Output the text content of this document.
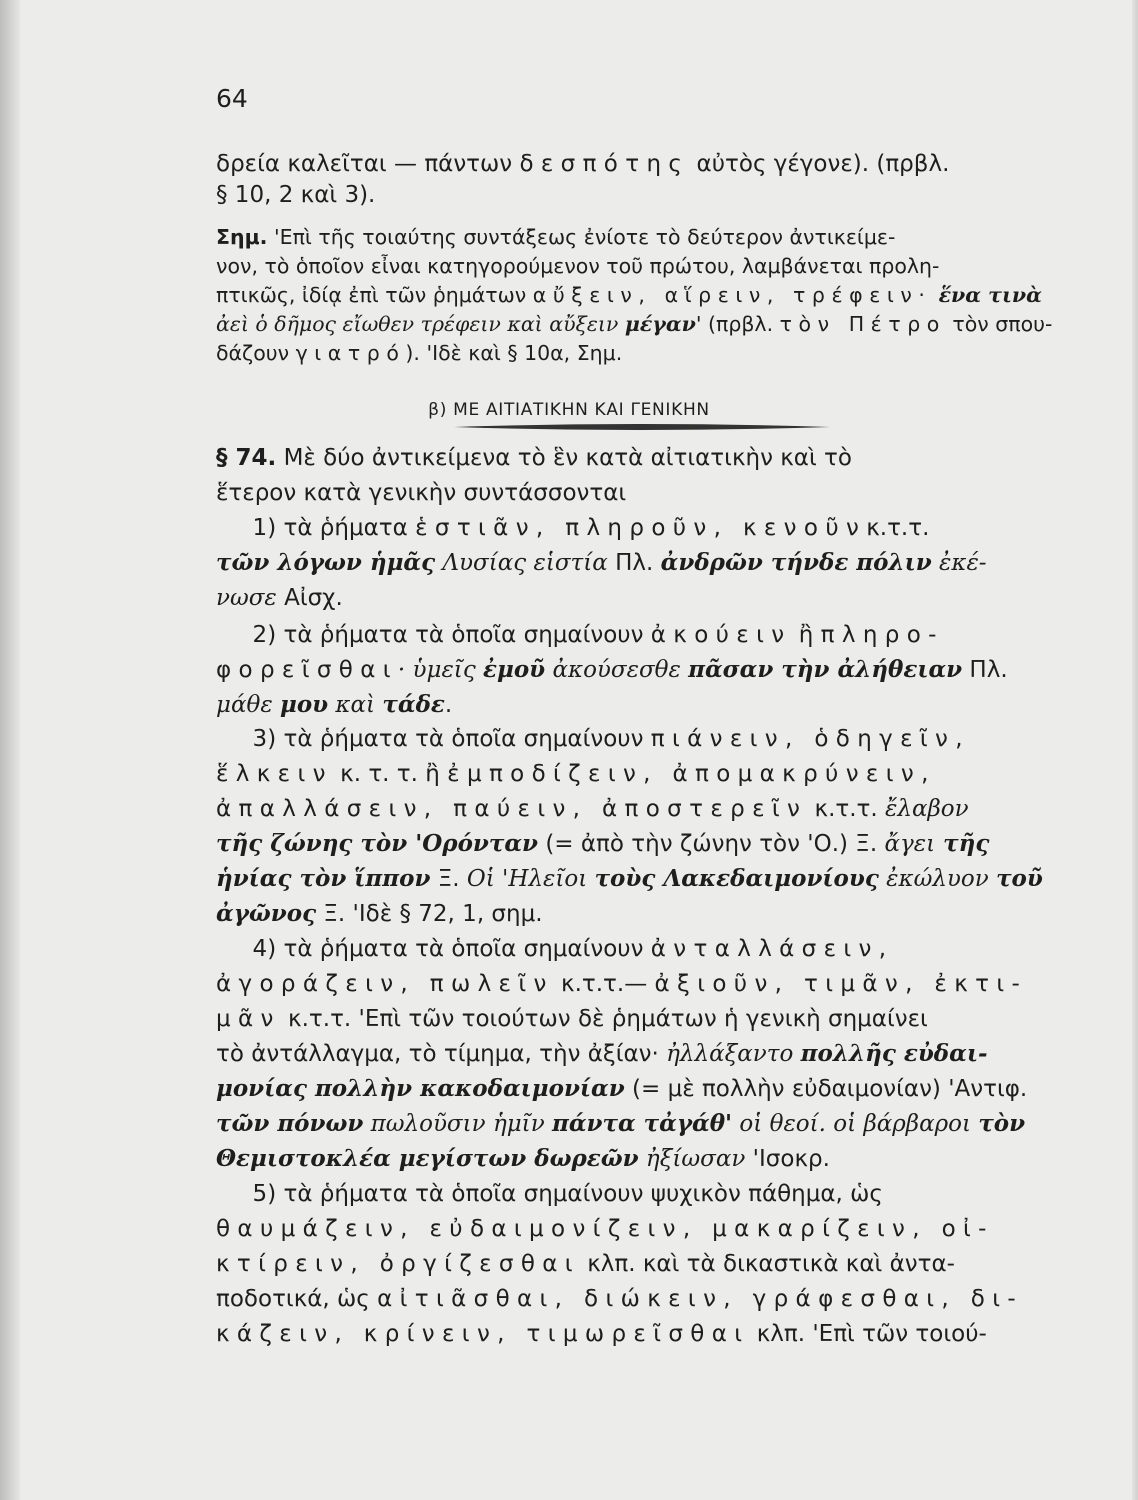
64
β) ΜΕ ΑΙΤΙΑΤΙΚΗΝ ΚΑΙ ΓΕΝΙΚΗΝ
δρεία καλεῖται — πάντων δεσπότης αὐτὸς γέγονε). (πρβλ.
§ 10, 2 καὶ 3).
Σημ. 'Επὶ τῆς τοιαύτης συντάξεως ἐνίοτε τὸ δεύτερον ἀντικείμε-
νον, τὸ ὁποῖον εἶναι κατηγορούμενον τοῦ πρώτου, λαμβάνεται προλη-
πτικῶς, ἰδίᾳ ἐπὶ τῶν ῥημάτων αὔξειν, αἵρειν, τρέφειν· ἕνα τινὰ
ἀεὶ ὁ δῆμος εἴωθεν τρέφειν καὶ αὔξειν μέγαν' (πρβλ. τὸν Πέτρο τὸν σπου-
δάζουν γιατρό). 'Ιδὲ καὶ § 10α, Σημ.
§ 74. Μὲ δύο ἀντικείμενα τὸ ἓν κατὰ αἰτιατικὴν καὶ τὸ
ἕτερον κατὰ γενικὴν συντάσσονται
1) τὰ ῥήματα ἑστιᾶν, πληροῦν, κενοῦνκ.τ.τ.
τῶν λόγων ἡμᾶς Λυσίας εἱστία Πλ. ἀνδρῶν τήνδε πόλιν ἐκέ-
νωσε Αἰσχ.
2) τὰ ῥήματα τὰ ὁποῖα σημαίνουν ἀκούειν ἢ πληρο-
φορεῖσθαι· ὑμεῖς ἐμοῦ ἀκούσεσθε πᾶσαν τὴν ἀλήθειαν Πλ.
μάθε μου καὶ τάδε.
3) τὰ ῥήματα τὰ ὁποῖα σημαίνουν πιάνειν, ὁδηγεῖν,
ἕλκειν κ. τ. τ. ἢ ἐμποδίζειν, ἀπομακρύνειν,
ἀπαλλάσειν, παύειν, ἀποστερεῖν κ.τ.τ. ἔλαβον
τῆς ζώνης τὸν 'Ορόνταν (= ἀπὸ τὴν ζώνην τὸν 'Ο.) Ξ. ἄγει τῆς
ἡνίας τὸν ἵππον Ξ. Οἱ 'Ηλεῖοι τοὺς Λακεδαιμονίους ἐκώλυον τοῦ
ἀγῶνος Ξ. 'Ιδὲ § 72, 1, σημ.
4) τὰ ῥήματα τὰ ὁποῖα σημαίνουν ἀνταλλάσειν,
ἀγοράζειν, πωλεῖν κ.τ.τ.— ἀξιοῦν, τιμᾶν, ἐκτι-
μᾶν κ.τ.τ. 'Επὶ τῶν τοιούτων δὲ ῥημάτων ἡ γενικὴ σημαίνει
τὸ ἀντάλλαγμα, τὸ τίμημα, τὴν ἀξίαν· ἠλλάξαντο πολλῆς εὐδαι-
μονίας πολλὴν κακοδαιμονίαν (= μὲ πολλὴν εὐδαιμονίαν) 'Αντιφ.
τῶν πόνων πωλοῦσιν ἡμῖν πάντα τἀγάθ' οἱ θεοί. οἱ βάρβαροι τὸν
Θεμιστοκλέα μεγίστων δωρεῶν ἠξίωσαν 'Ισοκρ.
5) τὰ ῥήματα τὰ ὁποῖα σημαίνουν ψυχικὸν πάθημα, ὡς
θαυμάζειν, εὐδαιμονίζειν, μακαρίζειν, οἰ-
κτίρειν, ὀργίζεσθαι κλπ. καὶ τὰ δικαστικὰ καὶ ἀντα-
ποδοτικά, ὡς αἰτιᾶσθαι, διώκειν, γράφεσθαι, δι-
κάζειν, κρίνειν, τιμωρεῖσθαι κλπ. 'Επὶ τῶν τοιού-
